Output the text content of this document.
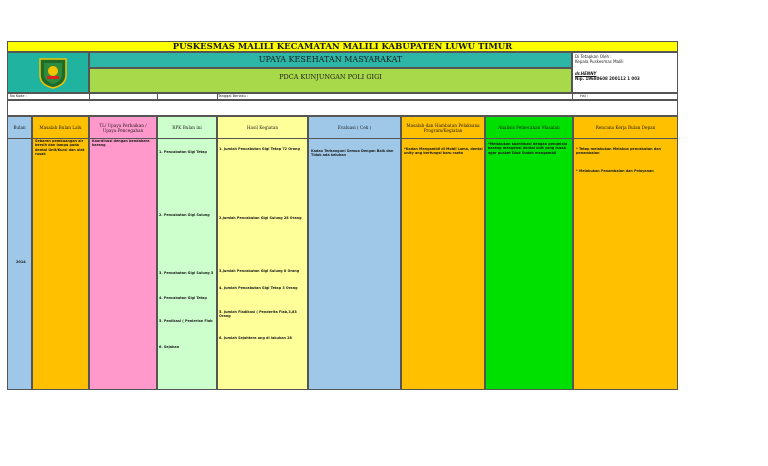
PUSKESMAS MALILI KECAMATAN MALILI KABUPATEN LUWU TIMUR
UPAYA KESEHATAN MASYARAKAT
PDCA KUNJUNGAN POLI GIGI
Di Tetapkan Oleh :
Kepala Puskesmas Malili
dr.HENNY
Nip. 19680608 200112 1 003
No Kode :	Tanggal Berlaku :	Hal :
Bulan
2014
Masalah Bulan Lalu
Sebaran pembuangan air bersih dan lampu pada dental Unit/Kursi dan alat rusak
TL/ Upaya Perbaikan / Upaya Pencegahan
Koordinasi dengan bendahara barang
RPK Bulan ini
1. Pencabutan Gigi Tetap
2. Pencabutan Gigi Sulung
3. Pencabutan Gigi Sulung 5
4. Pencabutan Gigi Tetap
5. Penlikasi ( Penlerian Flab
6. Sejahan
Hasil Kegiatan
1. Jumlah Pencabutan Gigi Tetap 72 Orang
2.Jumlah Pencabutan Gigi Sulung 28 Orang
3.Jumlah Pencabutan Gigi Sulung 8 Orang
4. Jumlah Pencabutan Gigi Tetap 3 Orang
5. Jumlah Fladikasi ( Penderita Flab,3,83 Orang
6. Jumlah Sejahtera ang di lakukan 28
Evaluasi ( Cek )
Kadan Terbangunl Semua Dengan Baik dan Tidak ada keluhan
Masalah dan Hambatan Pelaksana Program/Kegiatan
*Kadan Mengambil di Mobil Lama, dental unity ang berfungsi baru ranto
Analisis Pemecahan Masalah
*Melakukan koordinasi dengan pengelola barang mengenai dental unit yang rusak agar pusket Diuk Sudah mengambil
Rencana Kerja Bulan Depan
* Tetap melakukan Melakua pencabutan dan penambalan
* Melakukan Penambalan dan Pelayanan
